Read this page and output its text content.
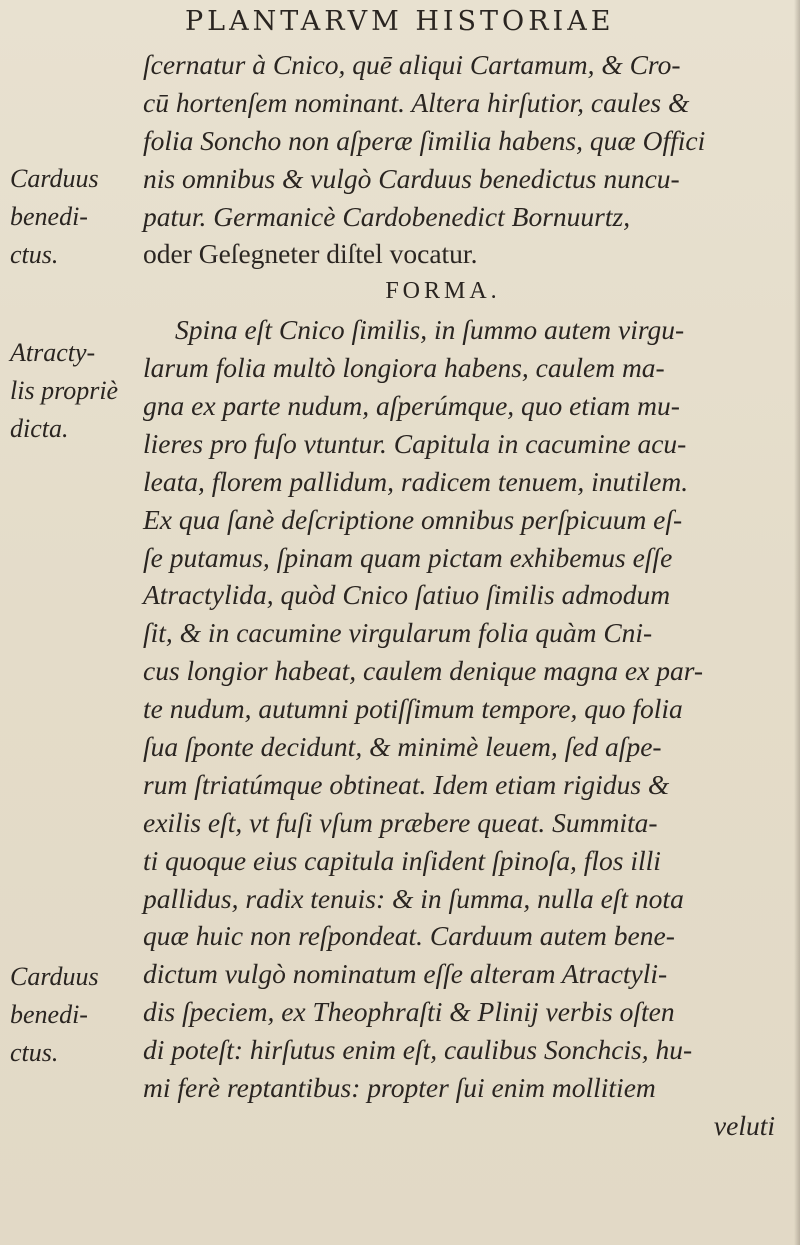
PLANTARVM HISTORIAE
ſcernatur à Cnico, quē aliqui Cartamum, & Cro-
cū hortenſem nominant. Altera hirſutior, caules &
folia Soncho non aſperæ ſimilia habens, quæ Offici
nis omnibus & vulgò Carduus benedictus nuncu-
patur. Germanicè Cardobenedict Bornuurtz,
oder Geſegneter diſtel vocatur.
FORMA.
Spina eſt Cnico ſimilis, in ſummo autem virgu-
larum folia multò longiora habens, caulem ma-
gna ex parte nudum, aſperúmque, quo etiam mu-
lieres pro fuſo vtuntur. Capitula in cacumine acu-
leata, florem pallidum, radicem tenuem, inutilem.
Ex qua ſanè deſcriptione omnibus perſpicuum eſ-
ſe putamus, ſpinam quam pictam exhibemus eſſe
Atractylida, quòd Cnico ſatiuo ſimilis admodum
ſit, & in cacumine virgularum folia quàm Cni-
cus longior habeat, caulem denique magna ex par-
te nudum, autumni potiſſimum tempore, quo folia
ſua ſponte decidunt, & minimè leuem, ſed aſpe-
rum ſtriatúmque obtineat. Idem etiam rigidus &
exilis eſt, vt fuſi vſum præbere queat. Summita-
ti quoque eius capitula inſident ſpinoſa, flos illi
pallidus, radix tenuis: & in ſumma, nulla eſt nota
quæ huic non reſpondeat. Carduum autem bene-
dictum vulgò nominatum eſſe alteram Atractyli-
dis ſpeciem, ex Theophraſti & Plinij verbis oſten
di poteſt: hirſutus enim eſt, caulibus Sonchcis, hu-
mi ferè reptantibus: propter ſui enim mollitiem
veluti
Carduus
benedi-
ctus.
Atracty-
lis propriè
dicta.
Carduus
benedi-
ctus.
